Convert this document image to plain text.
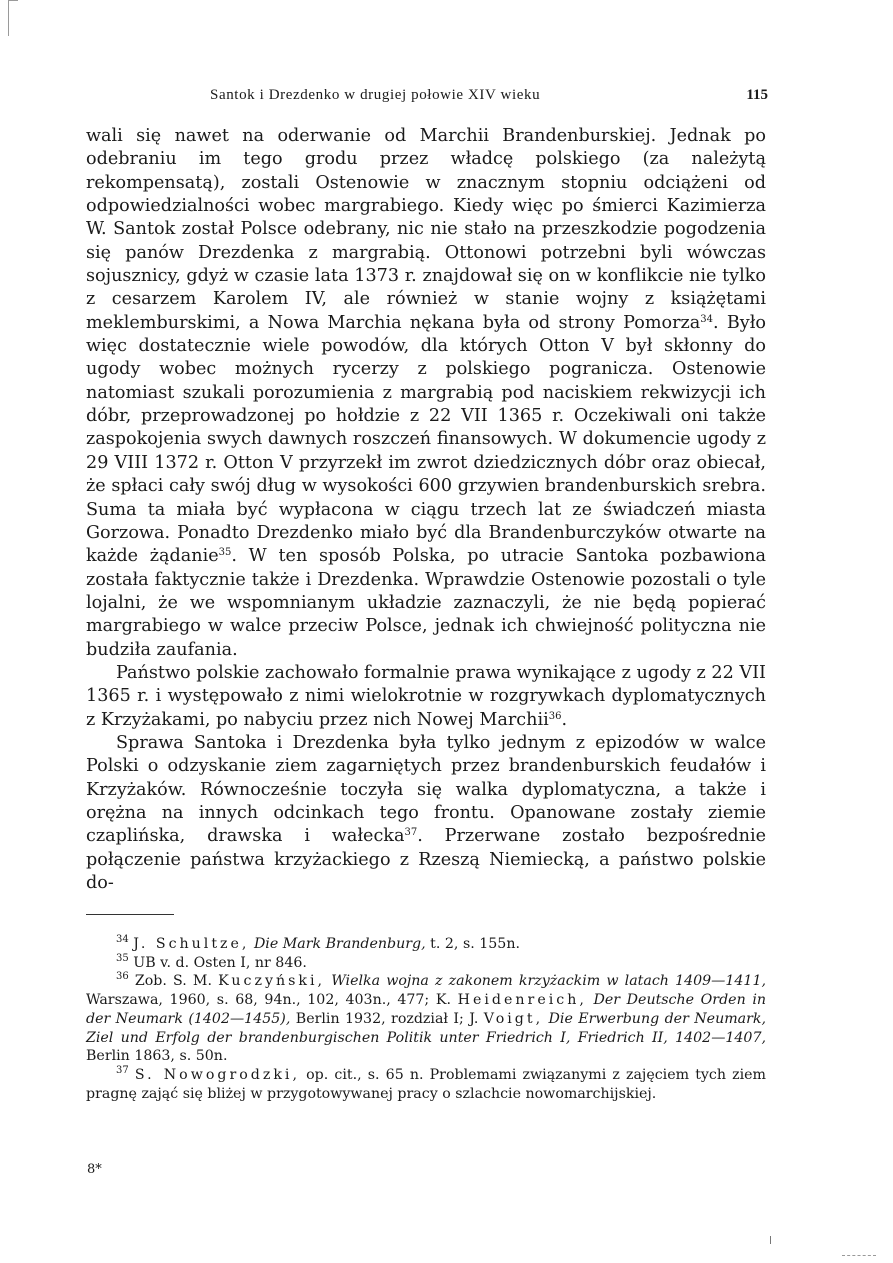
Santok i Drezdenko w drugiej połowie XIV wieku	115

wali się nawet na oderwanie od Marchii Brandenburskiej. Jednak po odebraniu im tego grodu przez władcę polskiego (za należytą rekompensatą), zostali Ostenowie w znacznym stopniu odciążeni od odpowiedzialności wobec margrabiego. Kiedy więc po śmierci Kazimierza W. Santok został Polsce odebrany, nic nie stało na przeszkodzie pogodzenia się panów Drezdenka z margrabią. Ottonowi potrzebni byli wówczas sojusznicy, gdyż w czasie lata 1373 r. znajdował się on w konflikcie nie tylko z cesarzem Karolem IV, ale również w stanie wojny z książętami meklemburskimi, a Nowa Marchia nękana była od strony Pomorza$^{34}$. Było więc dostatecznie wiele powodów, dla których Otton V był skłonny do ugody wobec możnych rycerzy z polskiego pogranicza. Ostenowie natomiast szukali porozumienia z margrabią pod naciskiem rekwizycji ich dóbr, przeprowadzonej po hołdzie z 22 VII 1365 r. Oczekiwali oni także zaspokojenia swych dawnych roszczeń finansowych. W dokumencie ugody z 29 VIII 1372 r. Otton V przyrzekł im zwrot dziedzicznych dóbr oraz obiecał, że spłaci cały swój dług w wysokości 600 grzywien brandenburskich srebra. Suma ta miała być wypłacona w ciągu trzech lat ze świadczeń miasta Gorzowa. Ponadto Drezdenko miało być dla Brandenburczyków otwarte na każde żądanie$^{35}$. W ten sposób Polska, po utracie Santoka pozbawiona została faktycznie także i Drezdenka. Wprawdzie Ostenowie pozostali o tyle lojalni, że we wspomnianym układzie zaznaczyli, że nie będą popierać margrabiego w walce przeciw Polsce, jednak ich chwiejność polityczna nie budziła zaufania.

Państwo polskie zachowało formalnie prawa wynikające z ugody z 22 VII 1365 r. i występowało z nimi wielokrotnie w rozgrywkach dyplomatycznych z Krzyżakami, po nabyciu przez nich Nowej Marchii$^{36}$.

Sprawa Santoka i Drezdenka była tylko jednym z epizodów w walce Polski o odzyskanie ziem zagarniętych przez brandenburskich feudałów i Krzyżaków. Równocześnie toczyła się walka dyplomatyczna, a także i orężna na innych odcinkach tego frontu. Opanowane zostały ziemie czaplińska, drawska i wałecka$^{37}$. Przerwane zostało bezpośrednie połączenie państwa krzyżackiego z Rzeszą Niemiecką, a państwo polskie do-

$^{34}$ J. Schultze, Die Mark Brandenburg, t. 2, s. 155n.

$^{35}$ UB v. d. Osten I, nr 846.

$^{36}$ Zob. S. M. Kuczyński, Wielka wojna z zakonem krzyżackim w latach 1409—1411, Warszawa, 1960, s. 68, 94n., 102, 403n., 477; K. Heidenreich, Der Deutsche Orden in der Neumark (1402—1455), Berlin 1932, rozdział I; J. Voigt, Die Erwerbung der Neumark, Ziel und Erfolg der brandenburgischen Politik unter Friedrich I, Friedrich II, 1402—1407, Berlin 1863, s. 50n.

$^{37}$ S. Nowogrodzki, op. cit., s. 65 n. Problemami związanymi z zajęciem tych ziem pragnę zająć się bliżej w przygotowywanej pracy o szlachcie nowomarchijskiej.

8*
